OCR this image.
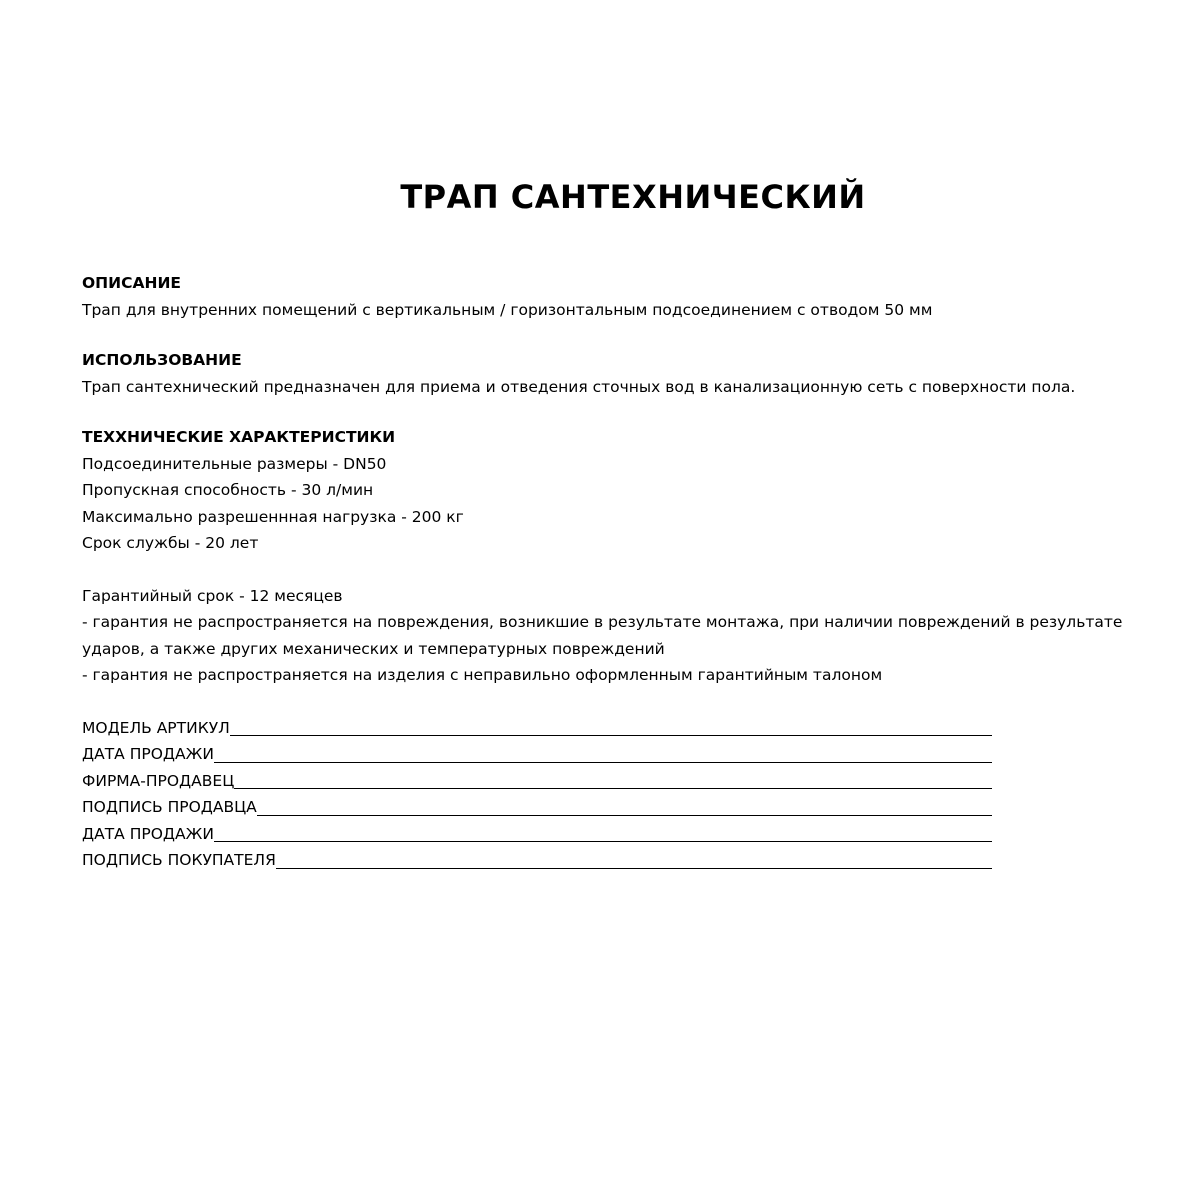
ТРАП САНТЕХНИЧЕСКИЙ

ОПИСАНИЕ

Трап для внутренних помещений с вертикальным / горизонтальным подсоединением с отводом 50 мм

ИСПОЛЬЗОВАНИЕ

Трап сантехнический предназначен для приема и отведения сточных вод в канализационную сеть с поверхности пола.

ТЕХХНИЧЕСКИЕ ХАРАКТЕРИСТИКИ

Подсоединительные размеры - DN50

Пропускная способность - 30 л/мин

Максимально разрешеннная нагрузка - 200 кг

Срок службы - 20 лет

Гарантийный срок - 12 месяцев

- гарантия не распространяется на повреждения, возникшие в результате монтажа, при наличии повреждений в результате ударов, а также других механических и температурных повреждений

- гарантия не распространяется на изделия с неправильно оформленным гарантийным талоном

МОДЕЛЬ АРТИКУЛ
ДАТА ПРОДАЖИ
ФИРМА-ПРОДАВЕЦ
ПОДПИСЬ ПРОДАВЦА
ДАТА ПРОДАЖИ
ПОДПИСЬ ПОКУПАТЕЛЯ
